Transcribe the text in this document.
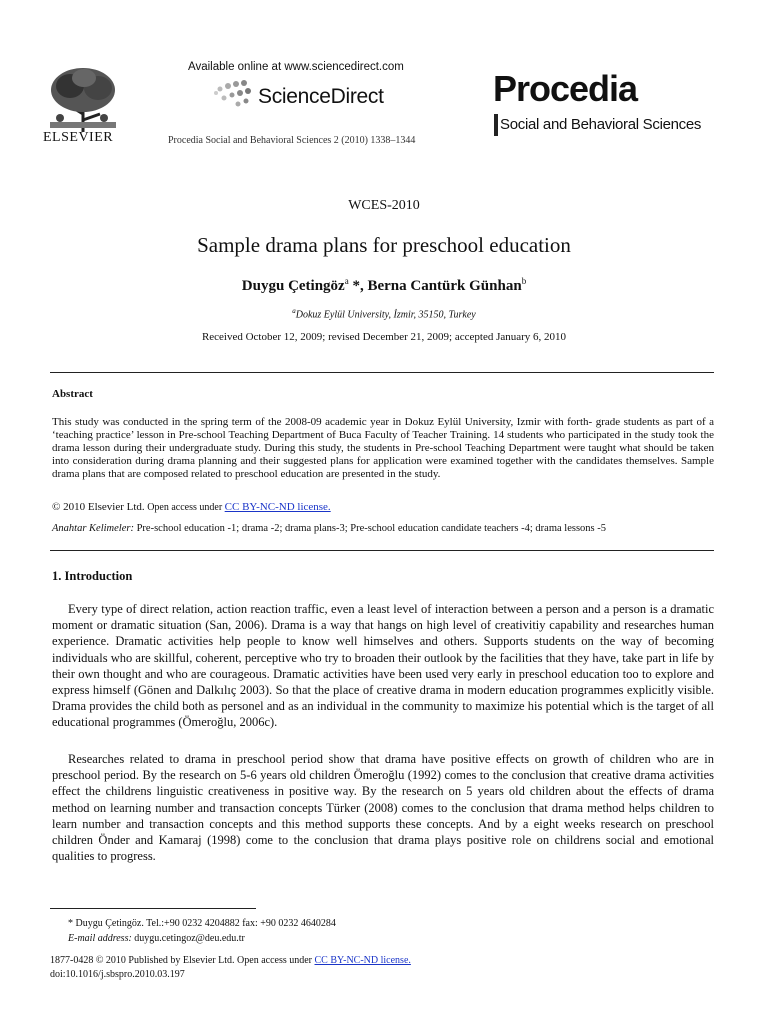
ELSEVIER
Available online at www.sciencedirect.com
ScienceDirect
Procedia Social and Behavioral Sciences 2 (2010) 1338–1344
Procedia
Social and Behavioral Sciences
WCES-2010
Sample drama plans for preschool education
Duygu Çetingöz$^a$ *, Berna Cantürk Günhan$^b$
$^a$Dokuz Eylül University, İzmir, 35150, Turkey
Received October 12, 2009; revised December 21, 2009; accepted January 6, 2010
Abstract
This study was conducted in the spring term of the 2008-09 academic year in Dokuz Eylül University, Izmir with forth- grade students as part of a ‘teaching practice’ lesson in Pre-school Teaching Department of Buca Faculty of Teacher Training. 14 students who participated in the study took the drama lesson during their undergraduate study. During this study, the students in Pre-school Teaching Department were taught what should be taken into consideration during drama planning and their suggested plans for application were examined together with the candidates themselves. Sample drama plans that are composed related to preschool education are presented in the study.
© 2010 Elsevier Ltd. Open access under CC BY-NC-ND license.
Anahtar Kelimeler: Pre-school education -1; drama -2; drama plans-3; Pre-school education candidate teachers -4; drama lessons -5
1. Introduction
Every type of direct relation, action reaction traffic, even a least level of interaction between a person and a person is a dramatic moment or dramatic situation (San, 2006). Drama is a way that hangs on high level of creativitiy capability and researches human experience. Dramatic activities help people to know well himselves and others. Supports students on the way of becoming individuals who are skillful, coherent, perceptive who try to broaden their outlook by the facilities that they have, take part in life by their own thought and who are courageous. Dramatic activities have been used very early in preschool education too to explore and express himself (Gönen and Dalkılıç 2003). So that the place of creative drama in modern education programmes explicitly visible. Drama provides the child both as personel and as an individual in the community to maximize his potential which is the target of all educational programmes (Ömeroğlu, 2006c).
Researches related to drama in preschool period show that drama have positive effects on growth of children who are in preschool period. By the research on 5-6 years old children Ömeroğlu (1992) comes to the conclusion that creative drama activities effect the childrens linguistic creativeness in positive way. By the research on 5 years old children about the effects of drama method on learning number and transaction concepts Türker (2008) comes to the conclusion that drama method helps children to learn number and transaction concepts and this method supports these concepts. And by a eight weeks research on preschool children Önder and Kamaraj (1998) come to the conclusion that drama plays positive role on childrens social and emotional qualities to progress.
* Duygu Çetingöz. Tel.:+90 0232 4204882 fax: +90 0232 4640284
E-mail address: duygu.cetingoz@deu.edu.tr
1877-0428 © 2010 Published by Elsevier Ltd. Open access under CC BY-NC-ND license.
doi:10.1016/j.sbspro.2010.03.197
